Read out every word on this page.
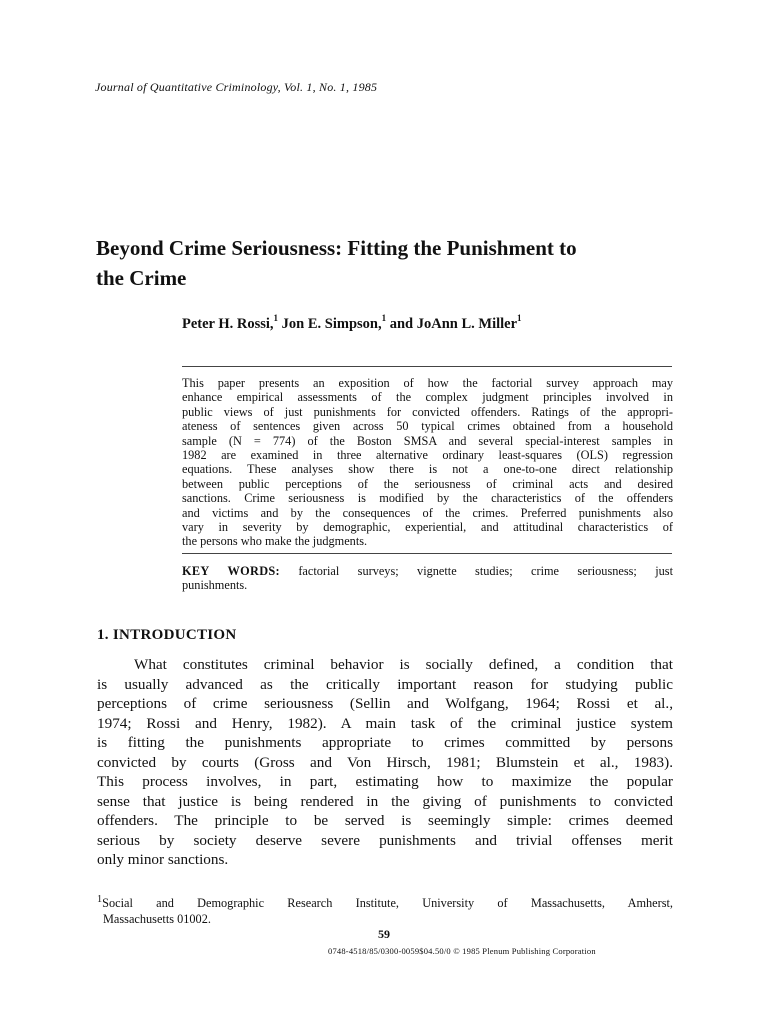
Journal of Quantitative Criminology, Vol. 1, No. 1, 1985
Beyond Crime Seriousness: Fitting the Punishment to
the Crime
Peter H. Rossi,$^1$ Jon E. Simpson,$^1$ and JoAnn L. Miller$^1$
This paper presents an exposition of how the factorial survey approach may
enhance empirical assessments of the complex judgment principles involved in
public views of just punishments for convicted offenders. Ratings of the appropri-
ateness of sentences given across 50 typical crimes obtained from a household
sample (N = 774) of the Boston SMSA and several special-interest samples in
1982 are examined in three alternative ordinary least-squares (OLS) regression
equations. These analyses show there is not a one-to-one direct relationship
between public perceptions of the seriousness of criminal acts and desired
sanctions. Crime seriousness is modified by the characteristics of the offenders
and victims and by the consequences of the crimes. Preferred punishments also
vary in severity by demographic, experiential, and attitudinal characteristics of
the persons who make the judgments.
KEY WORDS: factorial surveys; vignette studies; crime seriousness; just
punishments.
1. INTRODUCTION
What constitutes criminal behavior is socially defined, a condition that
is usually advanced as the critically important reason for studying public
perceptions of crime seriousness (Sellin and Wolfgang, 1964; Rossi et al.,
1974; Rossi and Henry, 1982). A main task of the criminal justice system
is fitting the punishments appropriate to crimes committed by persons
convicted by courts (Gross and Von Hirsch, 1981; Blumstein et al., 1983).
This process involves, in part, estimating how to maximize the popular
sense that justice is being rendered in the giving of punishments to convicted
offenders. The principle to be served is seemingly simple: crimes deemed
serious by society deserve severe punishments and trivial offenses merit
only minor sanctions.
$^1$Social and Demographic Research Institute, University of Massachusetts, Amherst,
Massachusetts 01002.
59
0748-4518/85/0300-0059$04.50/0 © 1985 Plenum Publishing Corporation
